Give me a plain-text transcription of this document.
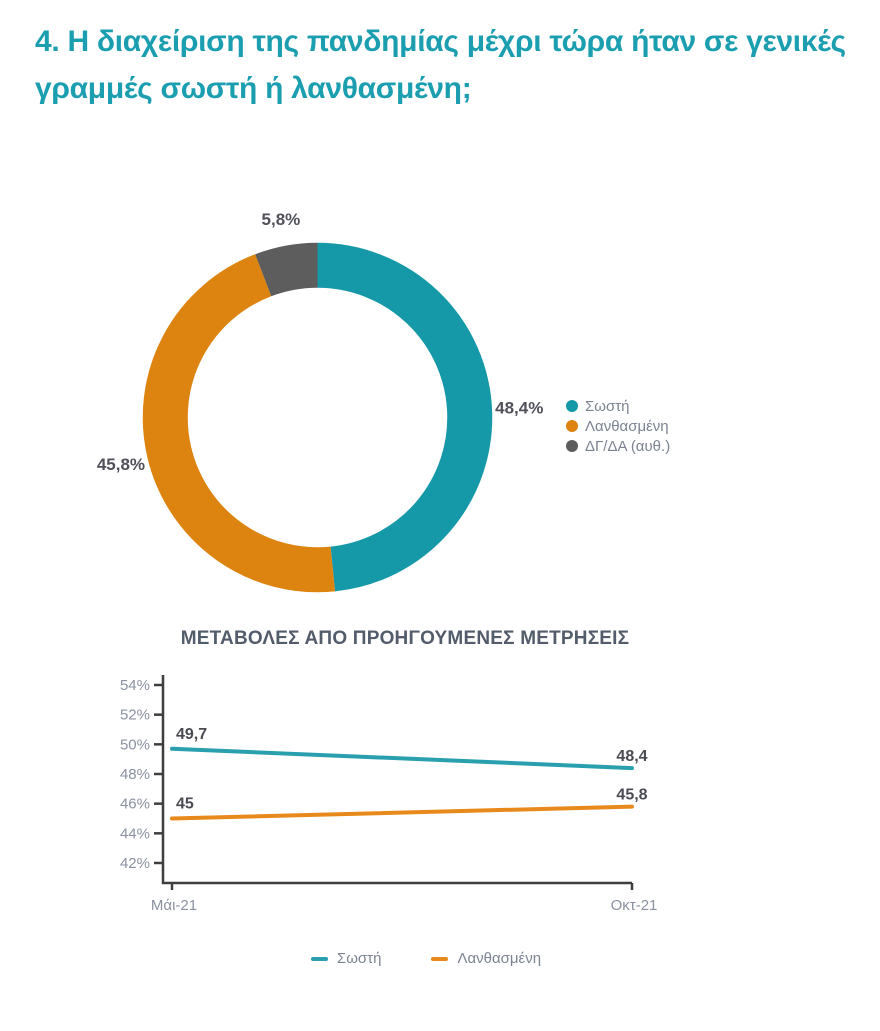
4. Η διαχείριση της πανδημίας μέχρι τώρα ήταν σε γενικές γραμμές σωστή ή λανθασμένη;
48,4%
45,8%
5,8%
Σωστή
Λανθασμένη
ΔΓ/ΔΑ (αυθ.)
ΜΕΤΑΒΟΛΕΣ ΑΠΟ ΠΡΟΗΓΟΥΜΕΝΕΣ ΜΕΤΡΗΣΕΙΣ
54%
52%
50%
48%
46%
44%
42%
Μάι-21	Οκτ-21
49,7
48,4
45
45,8
Σωστή	Λανθασμένη
